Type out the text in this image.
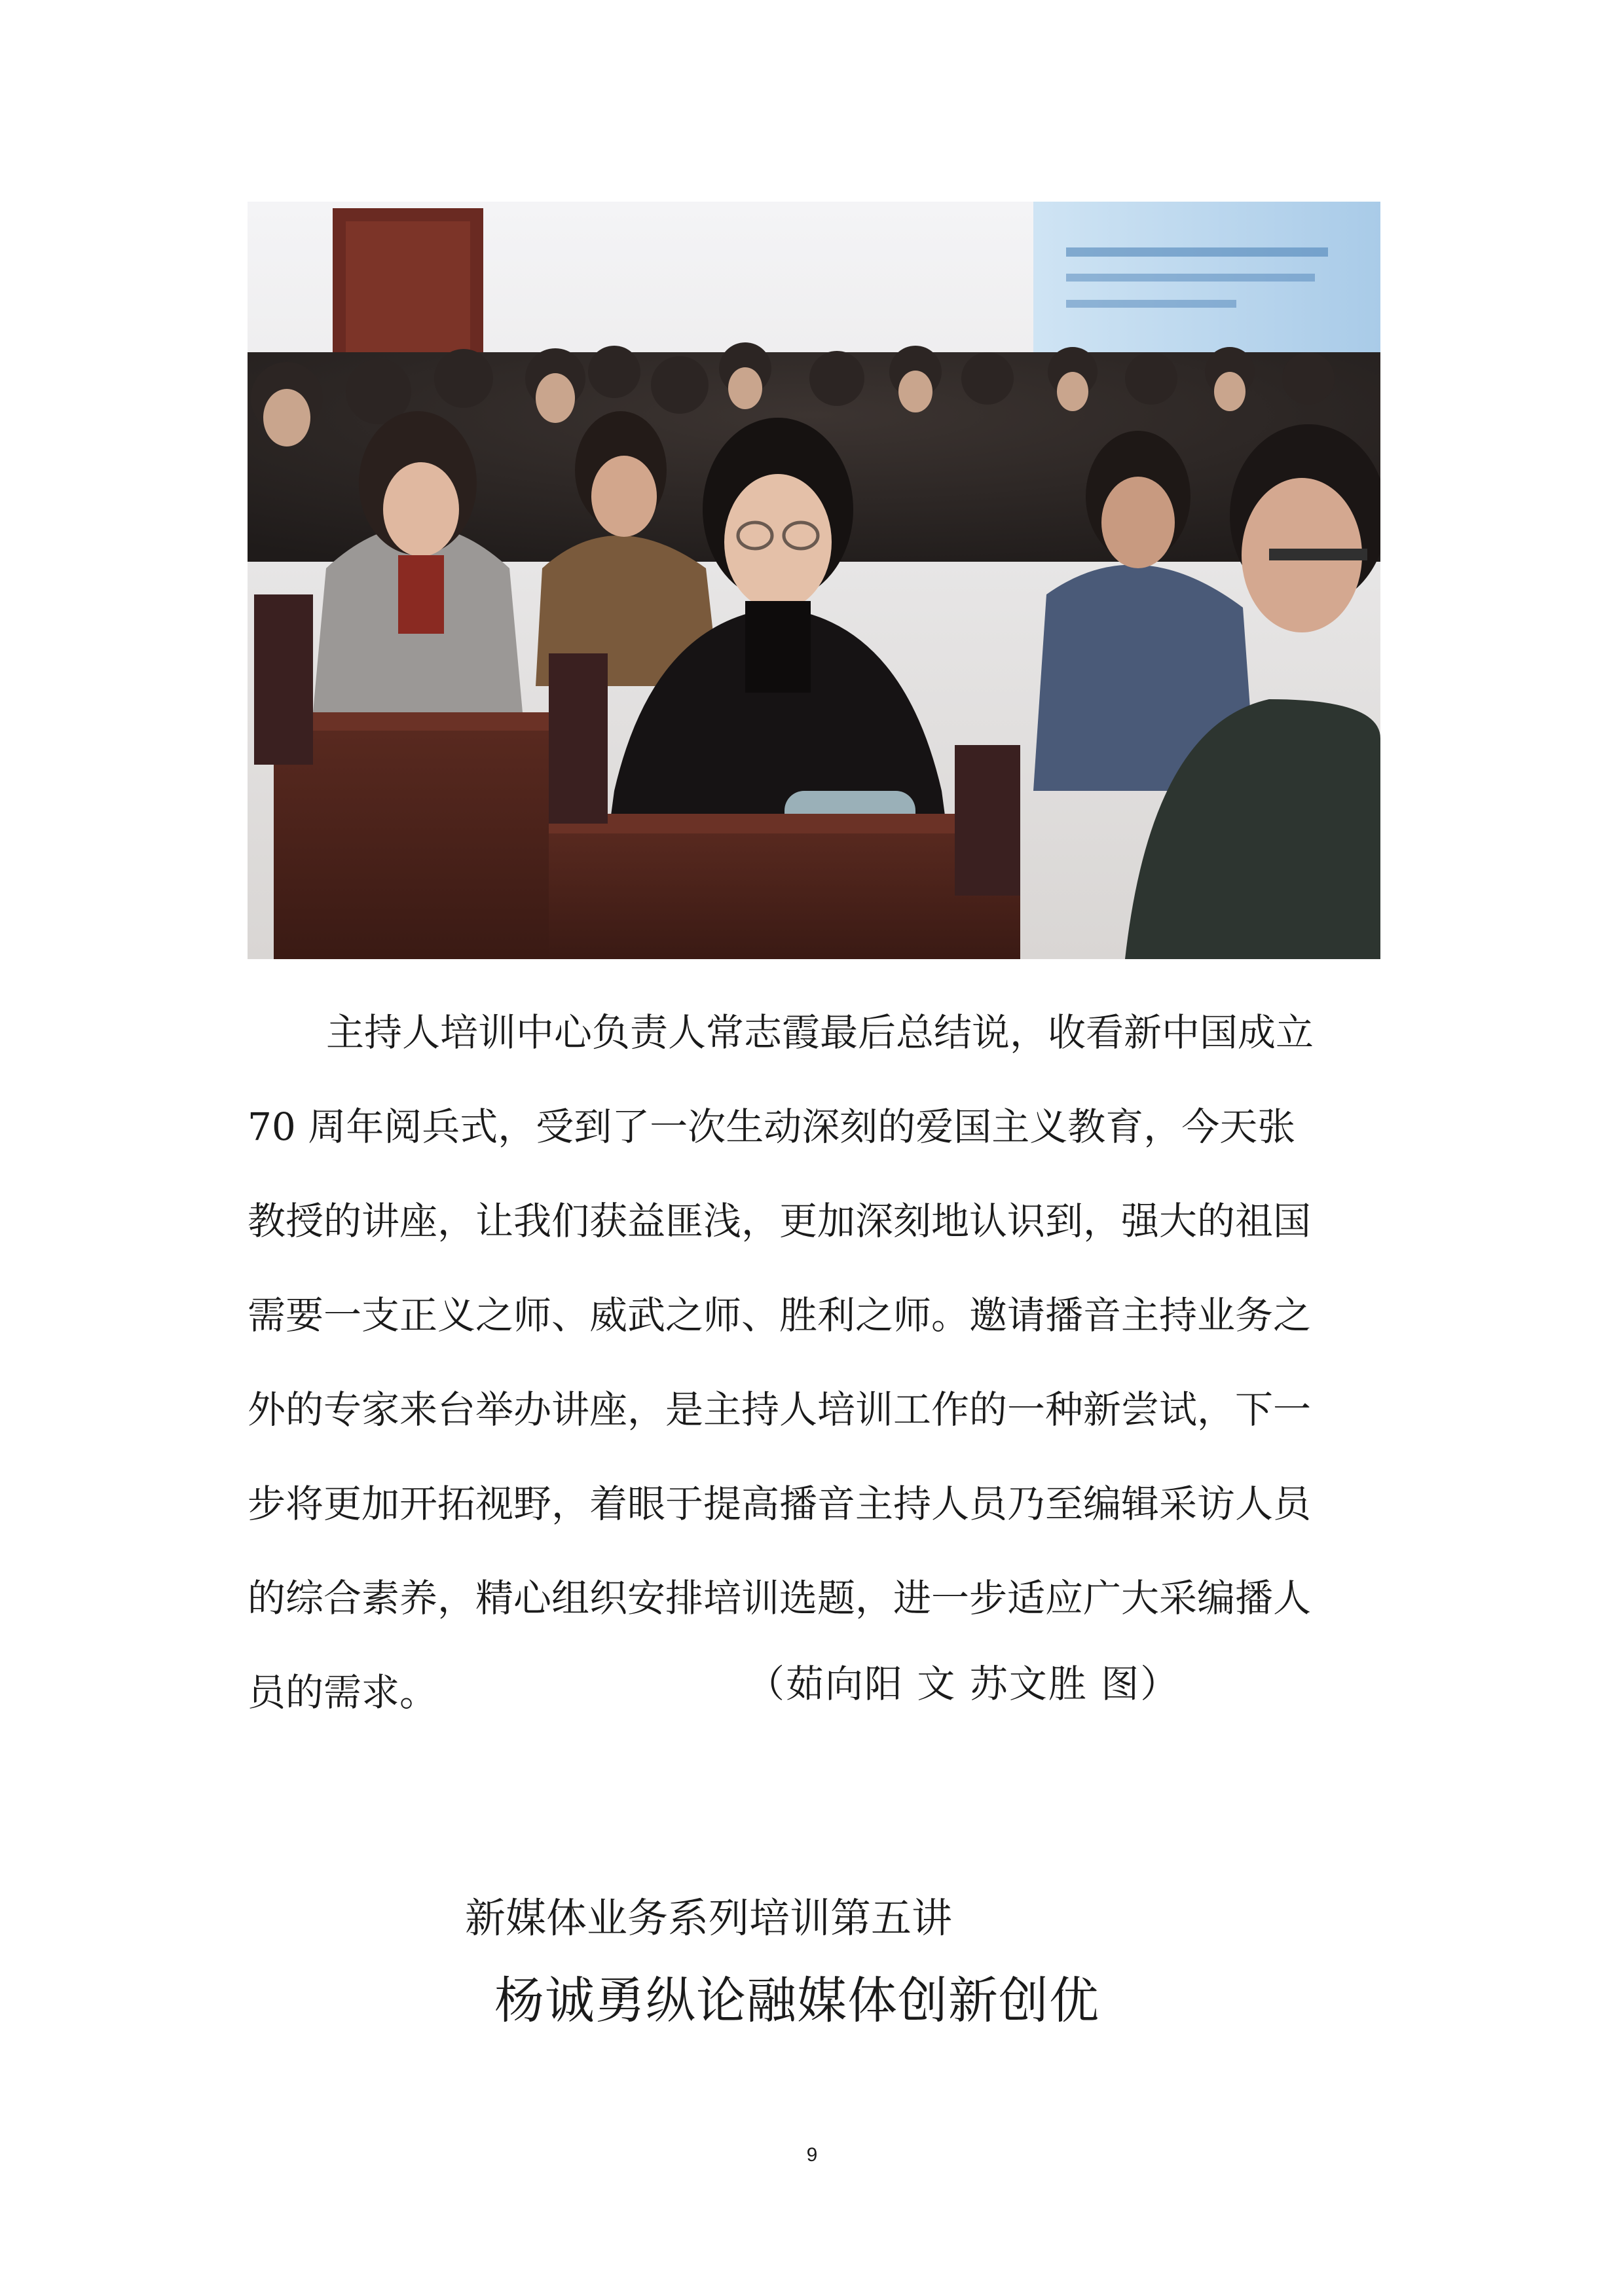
主持人培训中心负责人常志霞最后总结说，收看新中国成立
70 周年阅兵式，受到了一次生动深刻的爱国主义教育，今天张
教授的讲座，让我们获益匪浅，更加深刻地认识到，强大的祖国
需要一支正义之师、威武之师、胜利之师。邀请播音主持业务之
外的专家来台举办讲座，是主持人培训工作的一种新尝试，下一
步将更加开拓视野，着眼于提高播音主持人员乃至编辑采访人员
的综合素养，精心组织安排培训选题，进一步适应广大采编播人
员的需求。	（茹向阳 文 苏文胜 图）
新媒体业务系列培训第五讲
杨诚勇纵论融媒体创新创优
9
